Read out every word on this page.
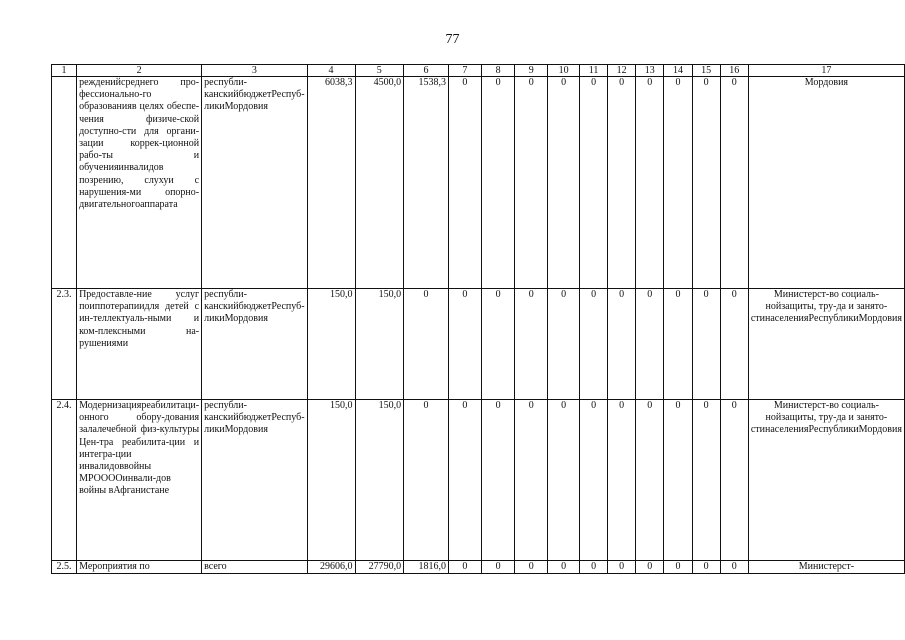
77
1	2	3	4	5	6	7	8	9	10	11	12	13	14	15	16	17
	режденийсреднего про-фессионально-го образованияв целях обеспе-чения физиче-ской доступно-сти для органи-зации коррек-ционной рабо-ты и обученияинвалидов позрению, слухуи с нарушения-ми опорно-двигательногоаппарата	республи-канскийбюджетРеспуб-ликиМордовия	6038,3	4500,0	1538,3	0	0	0	0	0	0	0	0	0	0	Мордовия
2.3.	Предоставле-ние услуг поиппотерапиидля детей с ин-теллектуаль-ными и ком-плексными на-рушениями	республи-канскийбюджетРеспуб-ликиМордовия	150,0	150,0	0	0	0	0	0	0	0	0	0	0	0	Министерст-во социаль-нойзащиты, тру-да и занято-стинаселенияРеспубликиМордовия
2.4.	Модернизацияреабилитаци-онного обору-дования залалечебной физ-культуры Цен-тра реабилита-ции и интегра-ции инвалидоввойны МРООООинвали-дов войны вАфганистане	республи-канскийбюджетРеспуб-ликиМордовия	150,0	150,0	0	0	0	0	0	0	0	0	0	0	0	Министерст-во социаль-нойзащиты, тру-да и занято-стинаселенияРеспубликиМордовия
2.5.	Мероприятия по	всего	29606,0	27790,0	1816,0	0	0	0	0	0	0	0	0	0	0	Министерст-
